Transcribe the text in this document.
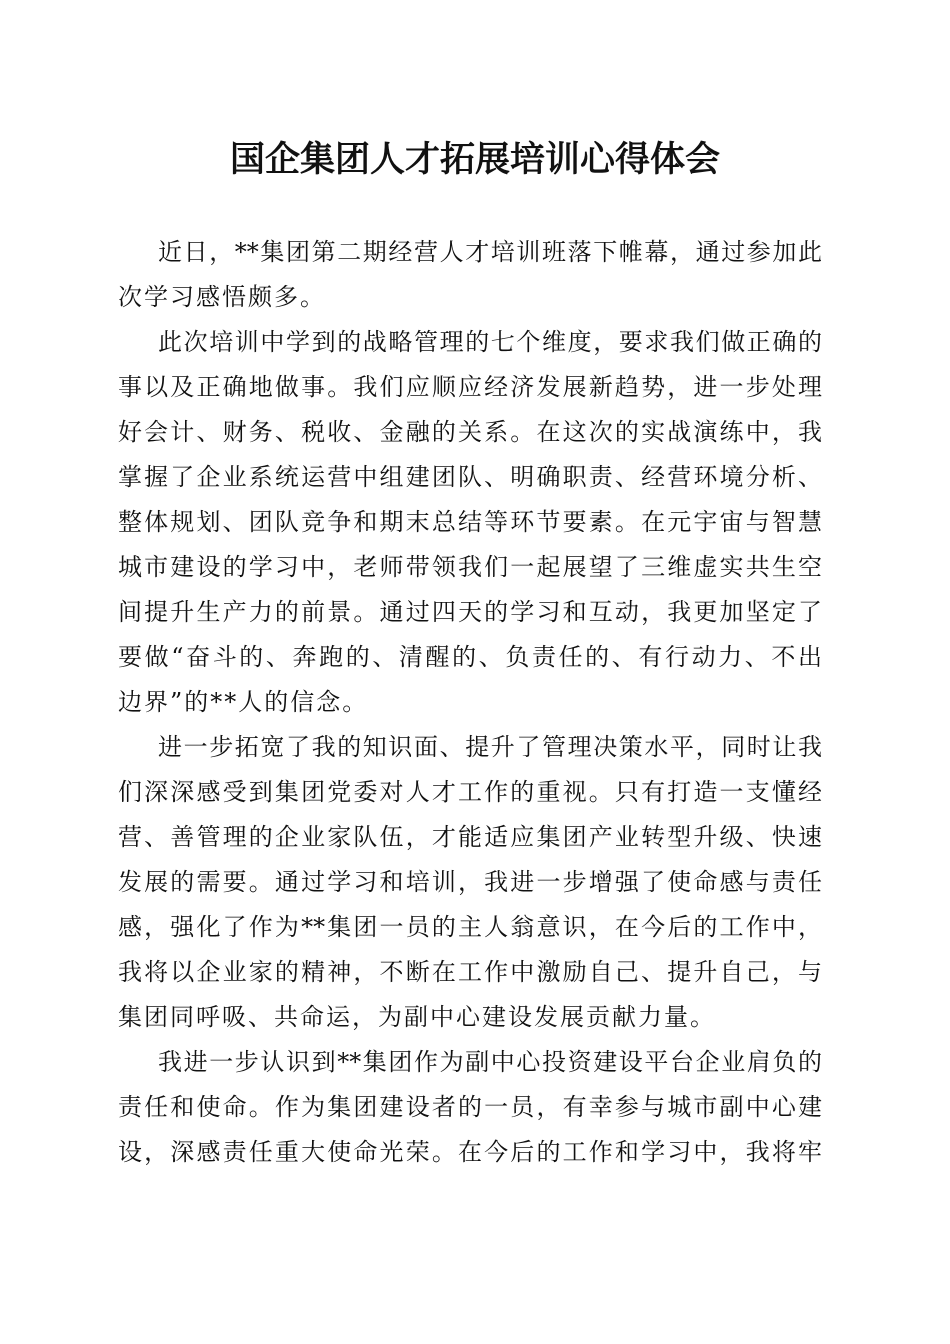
国企集团人才拓展培训心得体会
近日，**集团第二期经营人才培训班落下帷幕，通过参加此
次学习感悟颇多。
此次培训中学到的战略管理的七个维度，要求我们做正确的
事以及正确地做事。我们应顺应经济发展新趋势，进一步处理
好会计、财务、税收、金融的关系。在这次的实战演练中，我
掌握了企业系统运营中组建团队、明确职责、经营环境分析、
整体规划、团队竞争和期末总结等环节要素。在元宇宙与智慧
城市建设的学习中，老师带领我们一起展望了三维虚实共生空
间提升生产力的前景。通过四天的学习和互动，我更加坚定了
要做“奋斗的、奔跑的、清醒的、负责任的、有行动力、不出
边界”的**人的信念。
进一步拓宽了我的知识面、提升了管理决策水平，同时让我
们深深感受到集团党委对人才工作的重视。只有打造一支懂经
营、善管理的企业家队伍，才能适应集团产业转型升级、快速
发展的需要。通过学习和培训，我进一步增强了使命感与责任
感，强化了作为**集团一员的主人翁意识，在今后的工作中，
我将以企业家的精神，不断在工作中激励自己、提升自己，与
集团同呼吸、共命运，为副中心建设发展贡献力量。
我进一步认识到**集团作为副中心投资建设平台企业肩负的
责任和使命。作为集团建设者的一员，有幸参与城市副中心建
设，深感责任重大使命光荣。在今后的工作和学习中，我将牢
